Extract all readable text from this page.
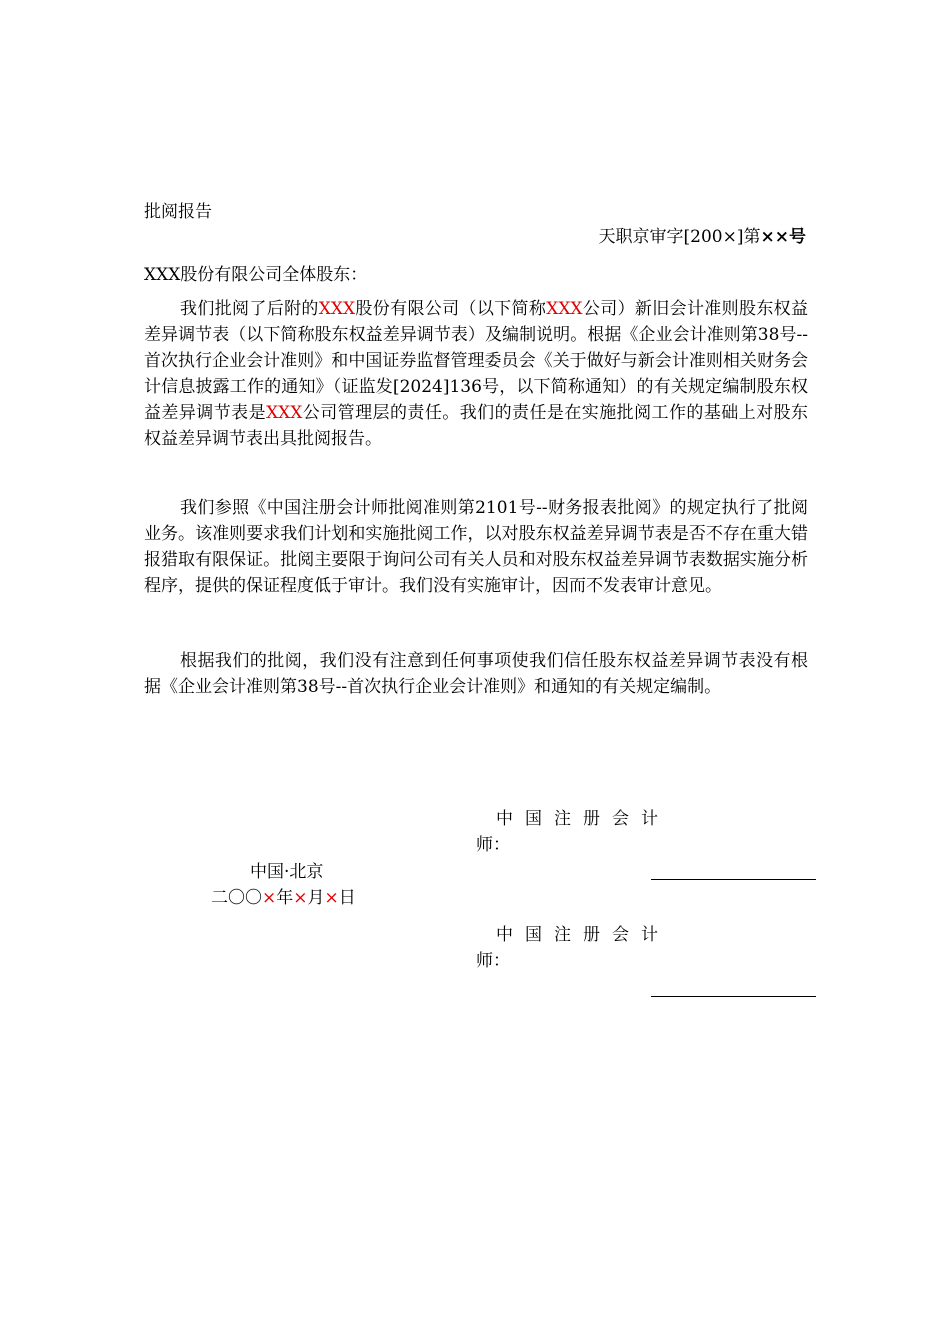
批阅报告
天职京审字[200×]第××号
XXX股份有限公司全体股东：

我们批阅了后附的XXX股份有限公司（以下简称XXX公司）新旧会计准则股东权益差异调节表（以下简称股东权益差异调节表）及编制说明。根据《企业会计准则第38号--首次执行企业会计准则》和中国证券监督管理委员会《关于做好与新会计准则相关财务会计信息披露工作的通知》（证监发[2024]136号，以下简称通知）的有关规定编制股东权益差异调节表是XXX公司管理层的责任。我们的责任是在实施批阅工作的基础上对股东权益差异调节表出具批阅报告。

我们参照《中国注册会计师批阅准则第2101号--财务报表批阅》的规定执行了批阅业务。该准则要求我们计划和实施批阅工作，以对股东权益差异调节表是否不存在重大错报猎取有限保证。批阅主要限于询问公司有关人员和对股东权益差异调节表数据实施分析程序，提供的保证程度低于审计。我们没有实施审计，因而不发表审计意见。

根据我们的批阅，我们没有注意到任何事项使我们信任股东权益差异调节表没有根据《企业会计准则第38号--首次执行企业会计准则》和通知的有关规定编制。

中国注册会计
师：
中国·北京
二〇〇×年×月×日
中国注册会计
师：
